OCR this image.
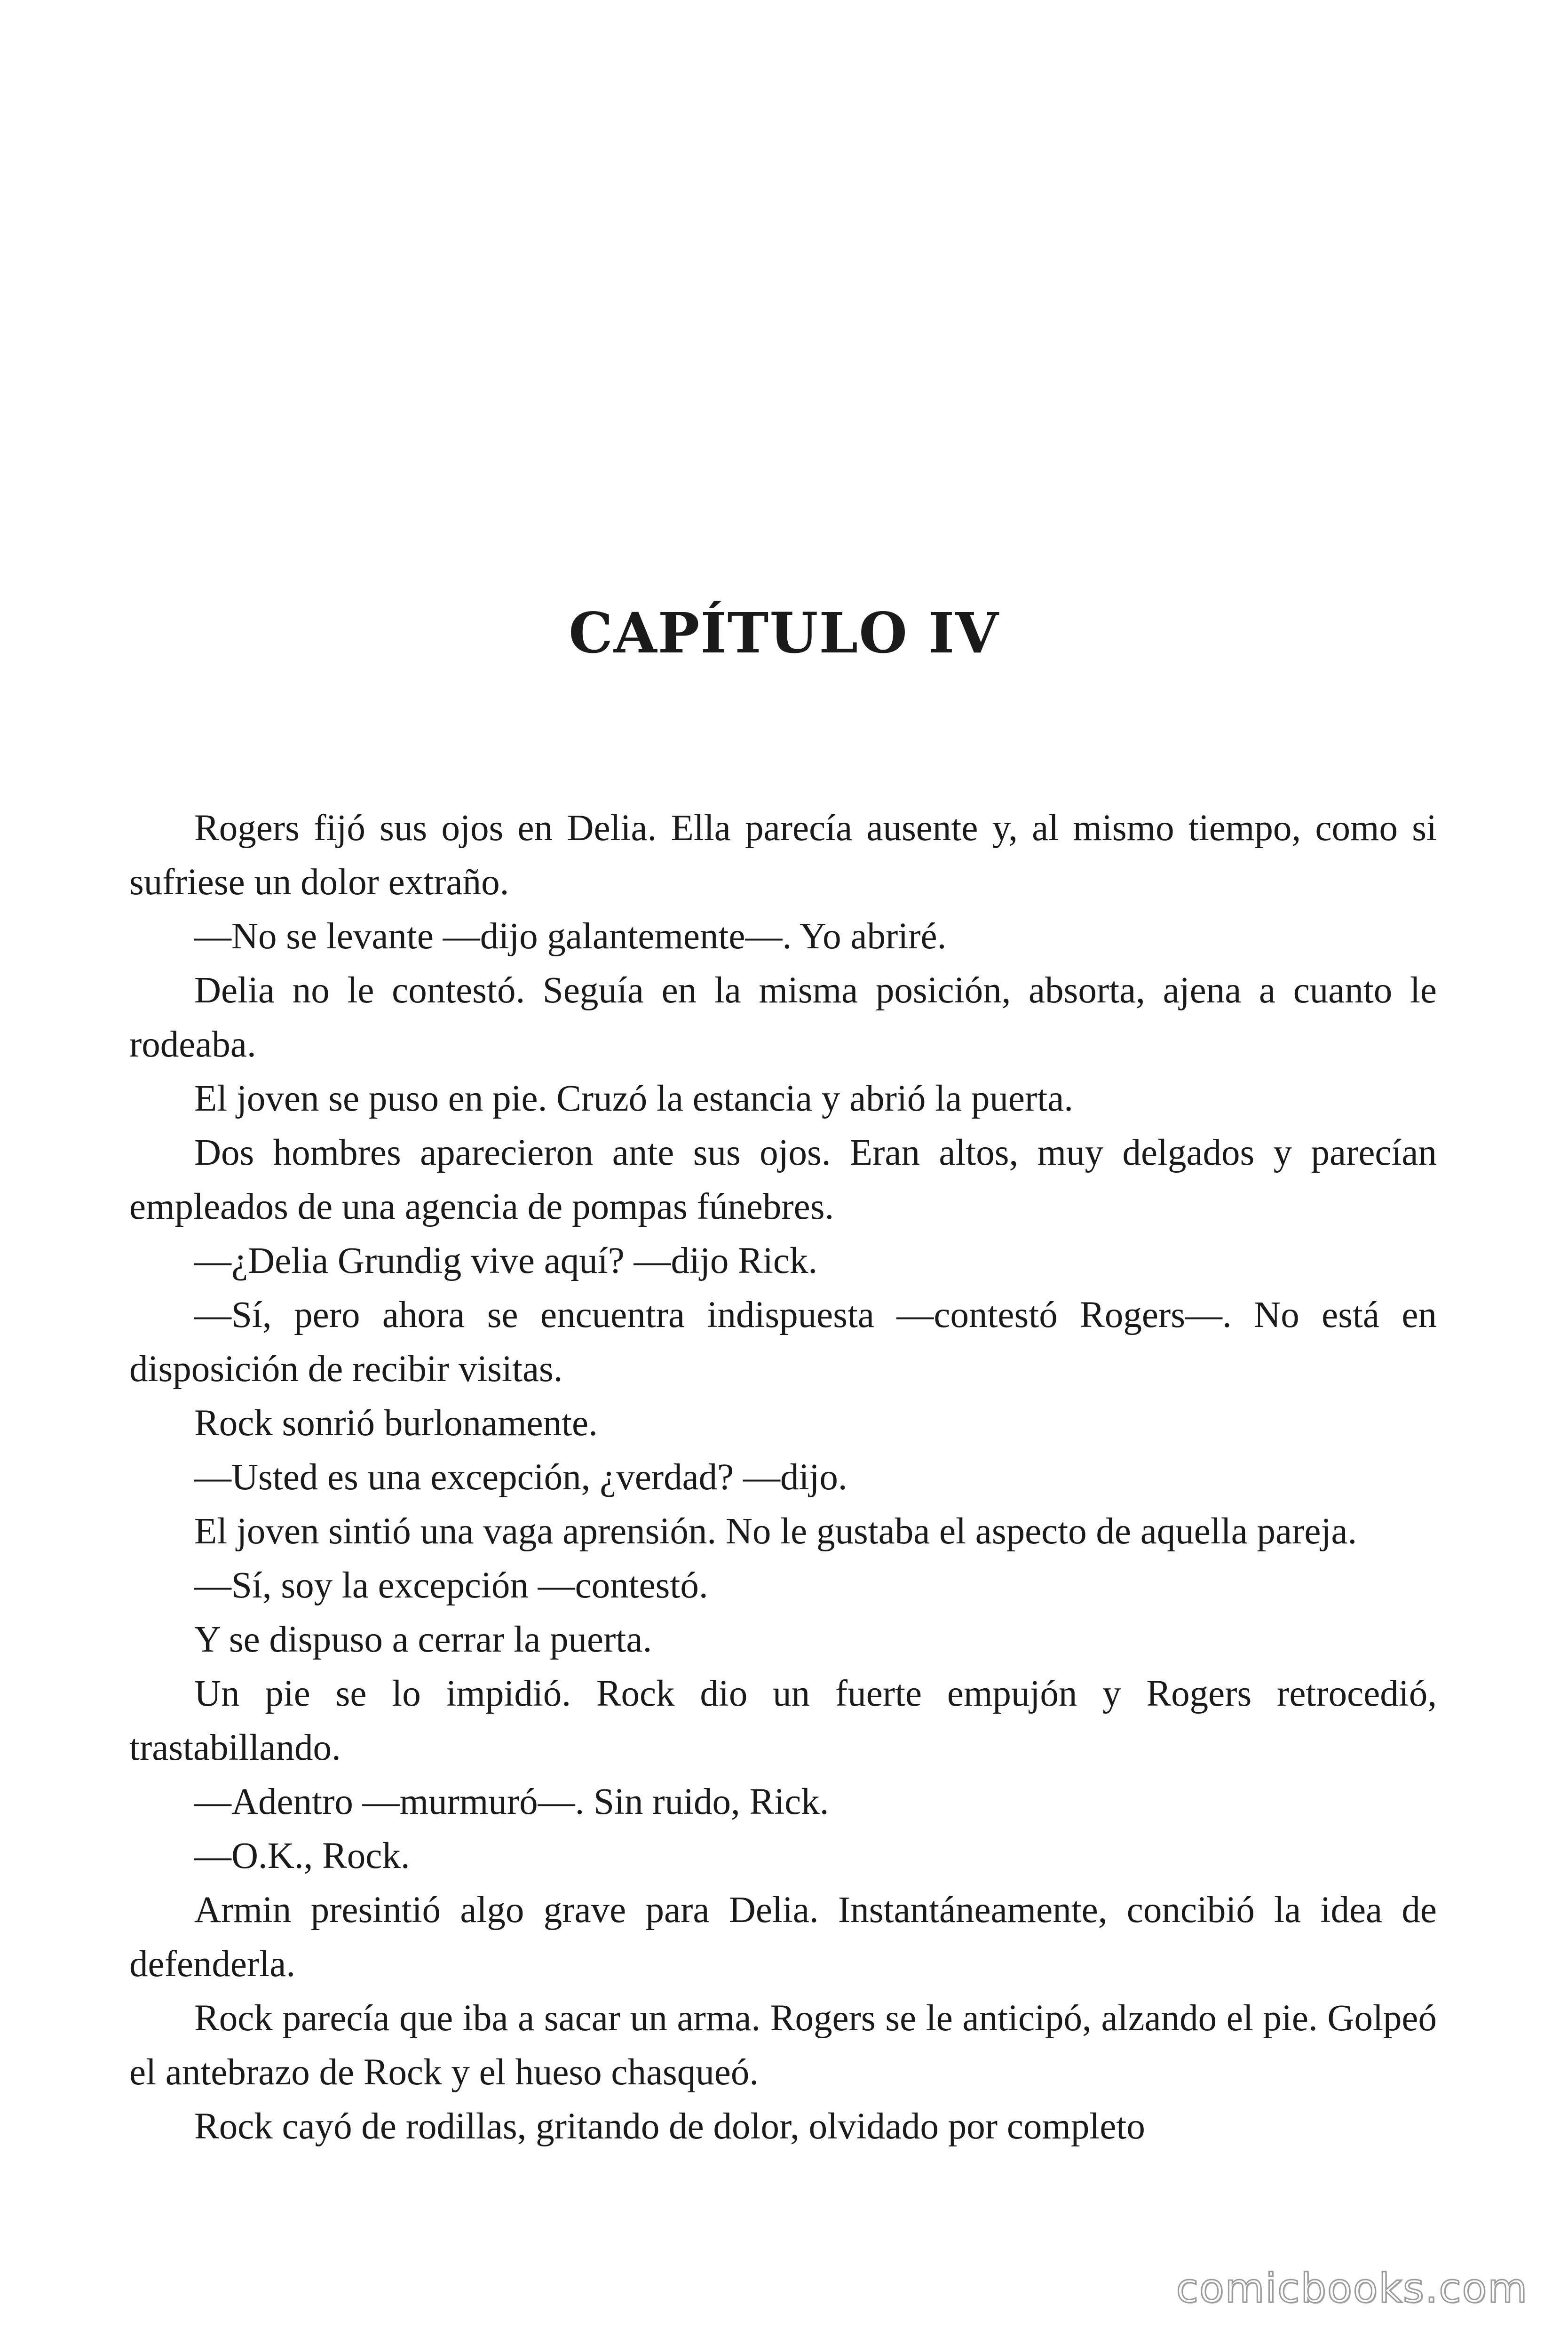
CAPÍTULO IV

Rogers fijó sus ojos en Delia. Ella parecía ausente y, al mismo tiempo, como si sufriese un dolor extraño.

—No se levante —dijo galantemente—. Yo abriré.

Delia no le contestó. Seguía en la misma posición, absorta, ajena a cuanto le rodeaba.

El joven se puso en pie. Cruzó la estancia y abrió la puerta.

Dos hombres aparecieron ante sus ojos. Eran altos, muy delgados y parecían empleados de una agencia de pompas fúnebres.

—¿Delia Grundig vive aquí? —dijo Rick.

—Sí, pero ahora se encuentra indispuesta —contestó Rogers—. No está en disposición de recibir visitas.

Rock sonrió burlonamente.

—Usted es una excepción, ¿verdad? —dijo.

El joven sintió una vaga aprensión. No le gustaba el aspecto de aquella pareja.

—Sí, soy la excepción —contestó.

Y se dispuso a cerrar la puerta.

Un pie se lo impidió. Rock dio un fuerte empujón y Rogers retrocedió, trastabillando.

—Adentro —murmuró—. Sin ruido, Rick.

—O.K., Rock.

Armin presintió algo grave para Delia. Instantáneamente, concibió la idea de defenderla.

Rock parecía que iba a sacar un arma. Rogers se le anticipó, alzando el pie. Golpeó el antebrazo de Rock y el hueso chasqueó.

Rock cayó de rodillas, gritando de dolor, olvidado por completo

comicbooks.com
